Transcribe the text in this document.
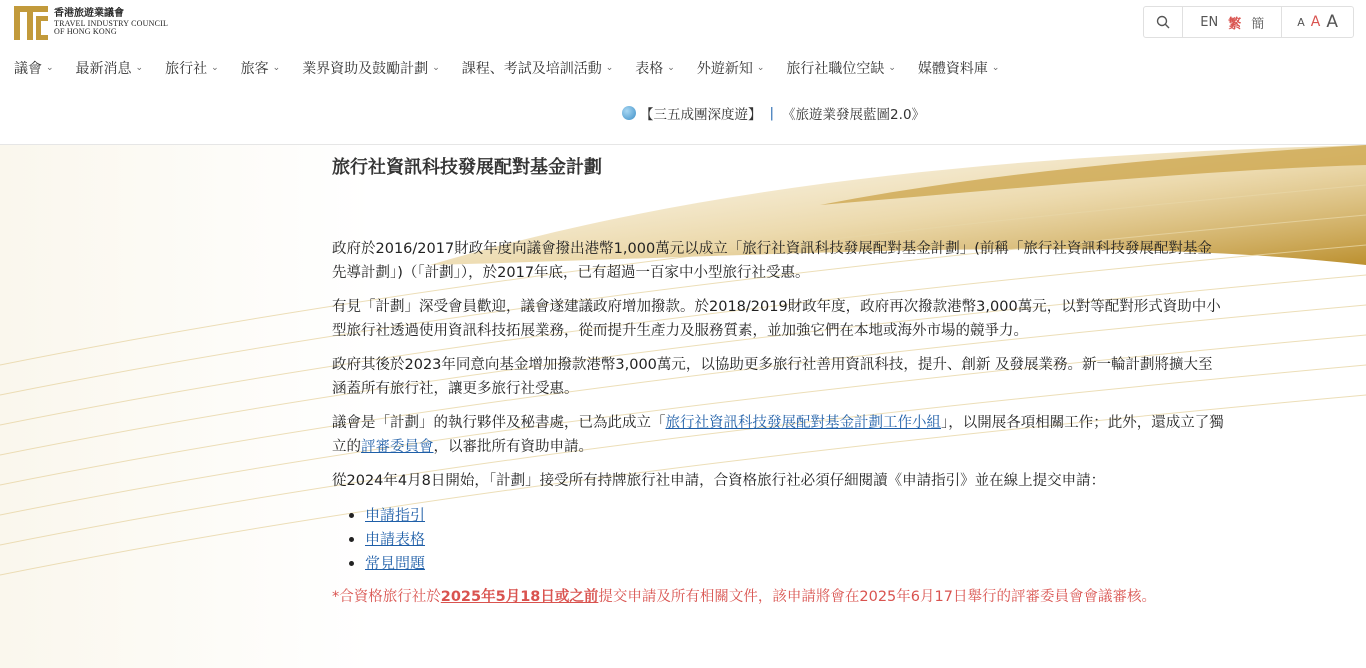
香港旅遊業議會
TRAVEL INDUSTRY COUNCIL
OF HONG KONG
EN 繁 簡	A A A
議會 ⌄ 最新消息 ⌄ 旅行社 ⌄ 旅客 ⌄ 業界資助及鼓勵計劃 ⌄ 課程、考試及培訓活動 ⌄ 表格 ⌄ 外遊新知 ⌄ 旅行社職位空缺 ⌄ 媒體資料庫 ⌄
【三五成團深度遊】 | 《旅遊業發展藍圖2.0》
旅行社資訊科技發展配對基金計劃

政府於2016/2017財政年度向議會撥出港幣1,000萬元以成立「旅行社資訊科技發展配對基金計劃」(前稱「旅行社資訊科技發展配對基金先導計劃」)（「計劃」），於2017年底，已有超過一百家中小型旅行社受惠。

有見「計劃」深受會員歡迎，議會遂建議政府增加撥款。於2018/2019財政年度，政府再次撥款港幣3,000萬元，以對等配對形式資助中小型旅行社透過使用資訊科技拓展業務，從而提升生產力及服務質素，並加強它們在本地或海外市場的競爭力。

政府其後於2023年同意向基金增加撥款港幣3,000萬元，以協助更多旅行社善用資訊科技，提升、創新 及發展業務。新一輪計劃將擴大至涵蓋所有旅行社，讓更多旅行社受惠。

議會是「計劃」的執行夥伴及秘書處，已為此成立「旅行社資訊科技發展配對基金計劃工作小組」，以開展各項相關工作；此外，還成立了獨立的評審委員會，以審批所有資助申請。

從2024年4月8日開始，「計劃」接受所有持牌旅行社申請，合資格旅行社必須仔細閱讀《申請指引》並在線上提交申請：

• 申請指引
• 申請表格
• 常見問題

*合資格旅行社於2025年5月18日或之前提交申請及所有相關文件，該申請將會在2025年6月17日舉行的評審委員會會議審核。
